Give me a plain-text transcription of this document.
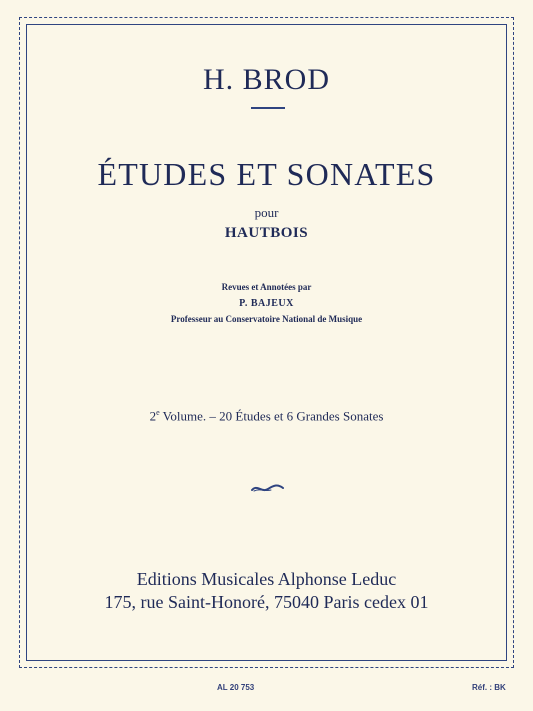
H. BROD
ÉTUDES ET SONATES
pour
HAUTBOIS
Revues et Annotées par
P. BAJEUX
Professeur au Conservatoire National de Musique
2e Volume. – 20 Études et 6 Grandes Sonates
Editions Musicales Alphonse Leduc
175, rue Saint-Honoré, 75040 Paris cedex 01
AL 20 753	Réf. : BK
